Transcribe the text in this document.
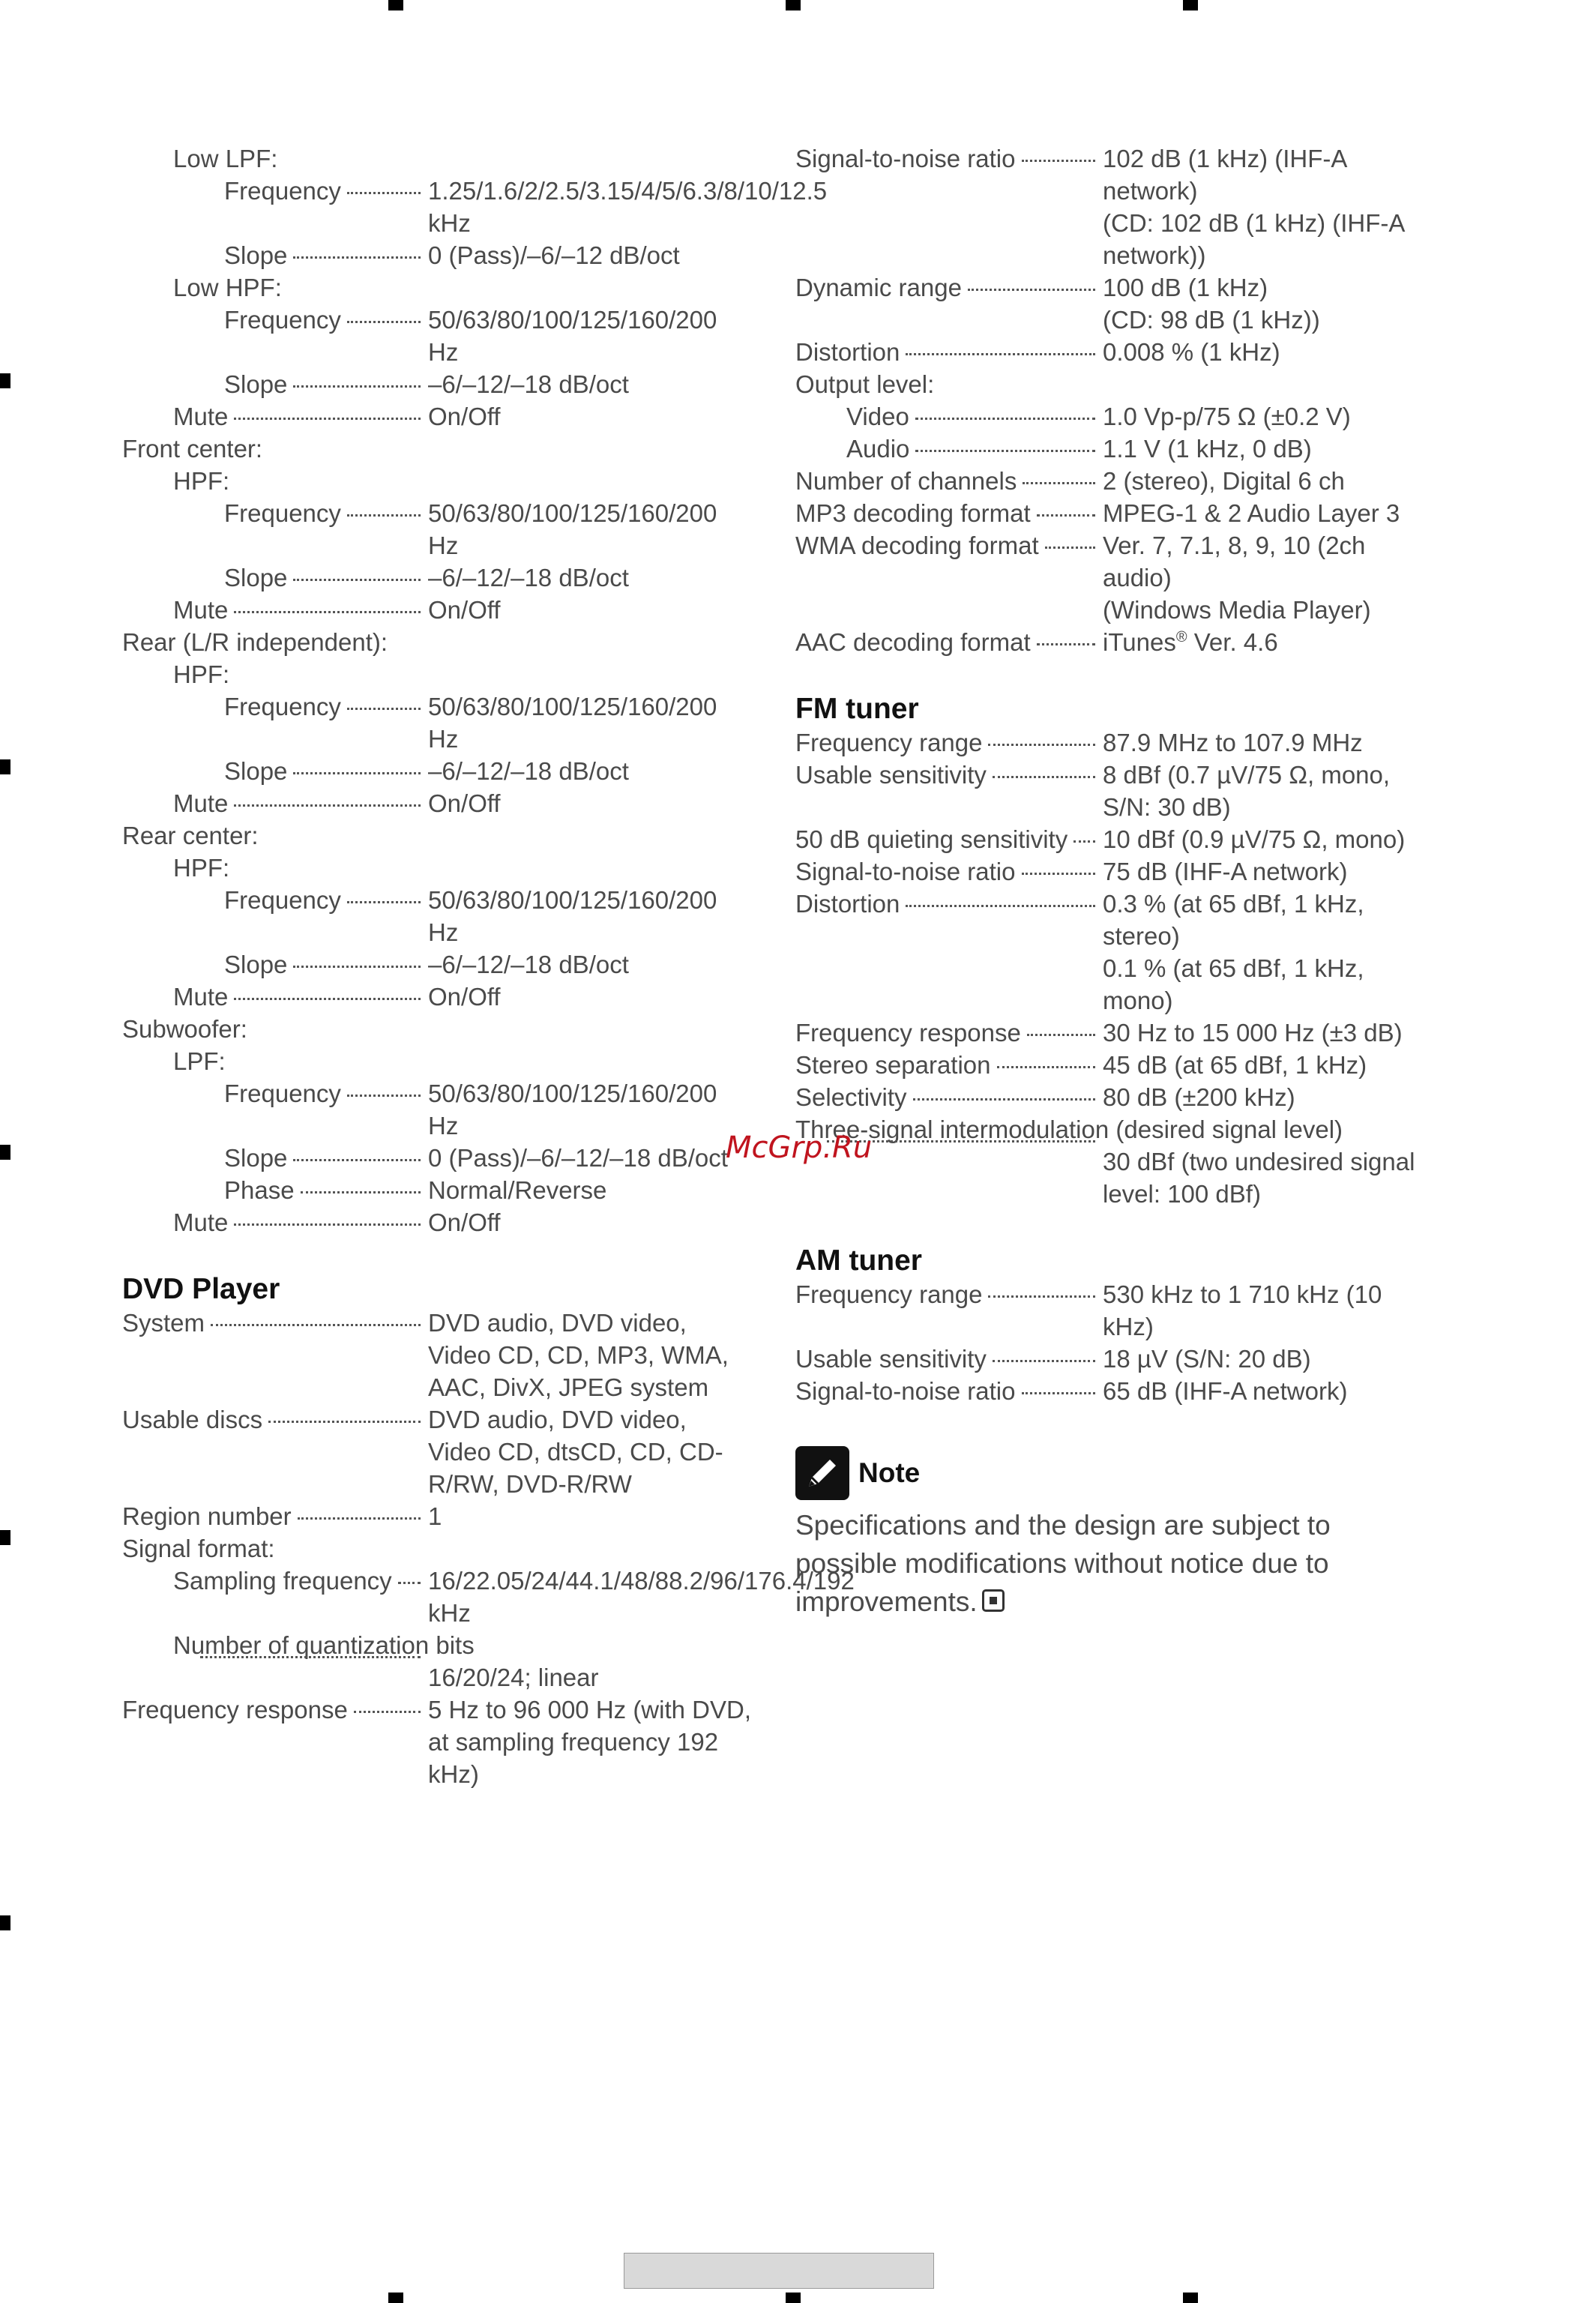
Low LPF:
Frequency	1.25/1.6/2/2.5/3.15/4/5/6.3/8/10/12.5 kHz
Slope	0 (Pass)/–6/–12 dB/oct
Low HPF:
Frequency	50/63/80/100/125/160/200 Hz
Slope	–6/–12/–18 dB/oct
Mute	On/Off
Front center:
HPF:
Frequency	50/63/80/100/125/160/200 Hz
Slope	–6/–12/–18 dB/oct
Mute	On/Off
Rear (L/R independent):
HPF:
Frequency	50/63/80/100/125/160/200 Hz
Slope	–6/–12/–18 dB/oct
Mute	On/Off
Rear center:
HPF:
Frequency	50/63/80/100/125/160/200 Hz
Slope	–6/–12/–18 dB/oct
Mute	On/Off
Subwoofer:
LPF:
Frequency	50/63/80/100/125/160/200 Hz
Slope	0 (Pass)/–6/–12/–18 dB/oct
Phase	Normal/Reverse
Mute	On/Off
DVD Player
System	DVD audio, DVD video, Video CD, CD, MP3, WMA, AAC, DivX, JPEG system
Usable discs	DVD audio, DVD video, Video CD, dtsCD, CD, CD-R/RW, DVD-R/RW
Region number	1
Signal format:
Sampling frequency 16/22.05/24/44.1/48/88.2/96/176.4/192 kHz
Number of quantization bits
16/20/24; linear
Frequency response	5 Hz to 96 000 Hz (with DVD, at sampling frequency 192 kHz)
Signal-to-noise ratio	102 dB (1 kHz) (IHF-A network)
(CD: 102 dB (1 kHz) (IHF-A network))
Dynamic range	100 dB (1 kHz)
(CD: 98 dB (1 kHz))
Distortion	0.008 % (1 kHz)
Output level:
Video	1.0 Vp-p/75 Ω (±0.2 V)
Audio	1.1 V (1 kHz, 0 dB)
Number of channels	2 (stereo), Digital 6 ch
MP3 decoding format	MPEG-1 & 2 Audio Layer 3
WMA decoding format	Ver. 7, 7.1, 8, 9, 10 (2ch audio)
(Windows Media Player)
AAC decoding format	iTunes® Ver. 4.6
FM tuner
Frequency range	87.9 MHz to 107.9 MHz
Usable sensitivity	8 dBf (0.7 µV/75 Ω, mono, S/N: 30 dB)
50 dB quieting sensitivity 10 dBf (0.9 µV/75 Ω, mono)
Signal-to-noise ratio	75 dB (IHF-A network)
Distortion	0.3 % (at 65 dBf, 1 kHz, stereo)
0.1 % (at 65 dBf, 1 kHz, mono)
Frequency response	30 Hz to 15 000 Hz (±3 dB)
Stereo separation	45 dB (at 65 dBf, 1 kHz)
Selectivity	80 dB (±200 kHz)
Three-signal intermodulation (desired signal level)
30 dBf (two undesired signal level: 100 dBf)
AM tuner
Frequency range	530 kHz to 1 710 kHz (10 kHz)
Usable sensitivity	18 µV (S/N: 20 dB)
Signal-to-noise ratio	65 dB (IHF-A network)
Note
Specifications and the design are subject to possible modifications without notice due to improvements.
McGrp.Ru
